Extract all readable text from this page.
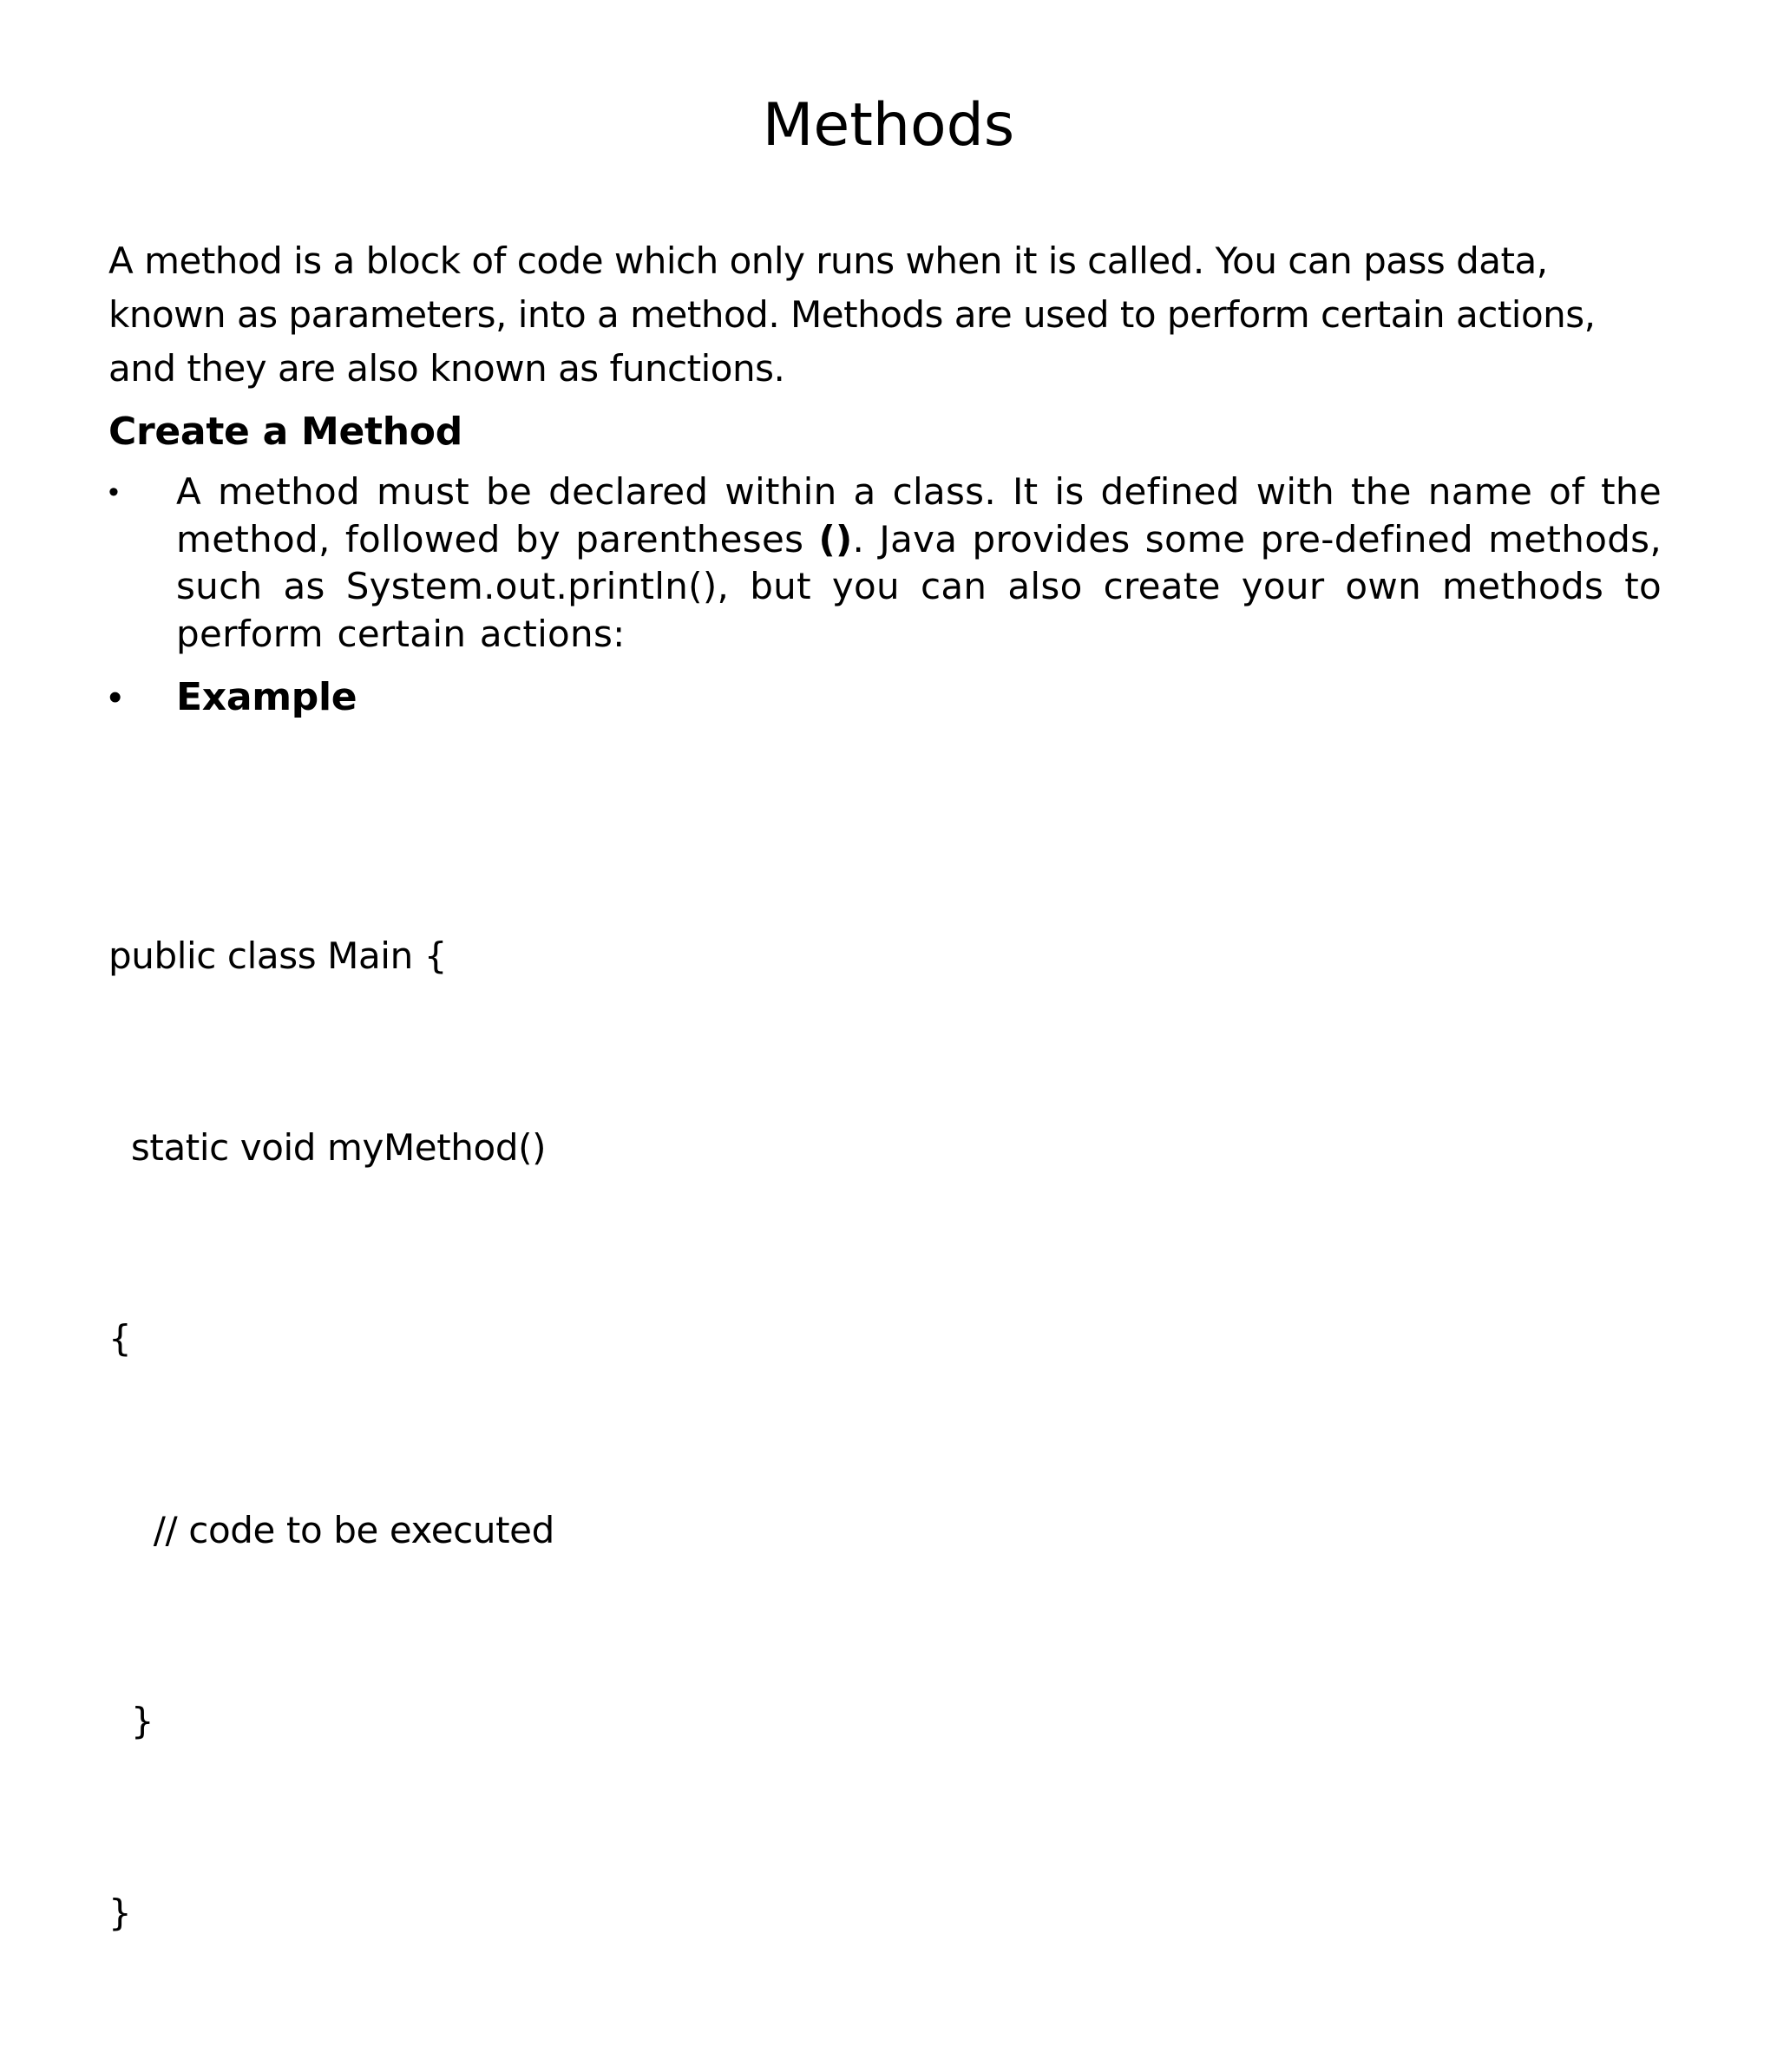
Methods
A method is a block of code which only runs when it is called. You can pass data,
known as parameters, into a method. Methods are used to perform certain actions,
and they are also known as functions.
Create a Method
•	A method must be declared within a class. It is defined with the name of the method, followed by parentheses (). Java provides some pre-defined methods, such as System.out.println(), but you can also create your own methods to perform certain actions:
•	Example

public class Main {

static void myMethod()

{

// code to be executed

}

}
